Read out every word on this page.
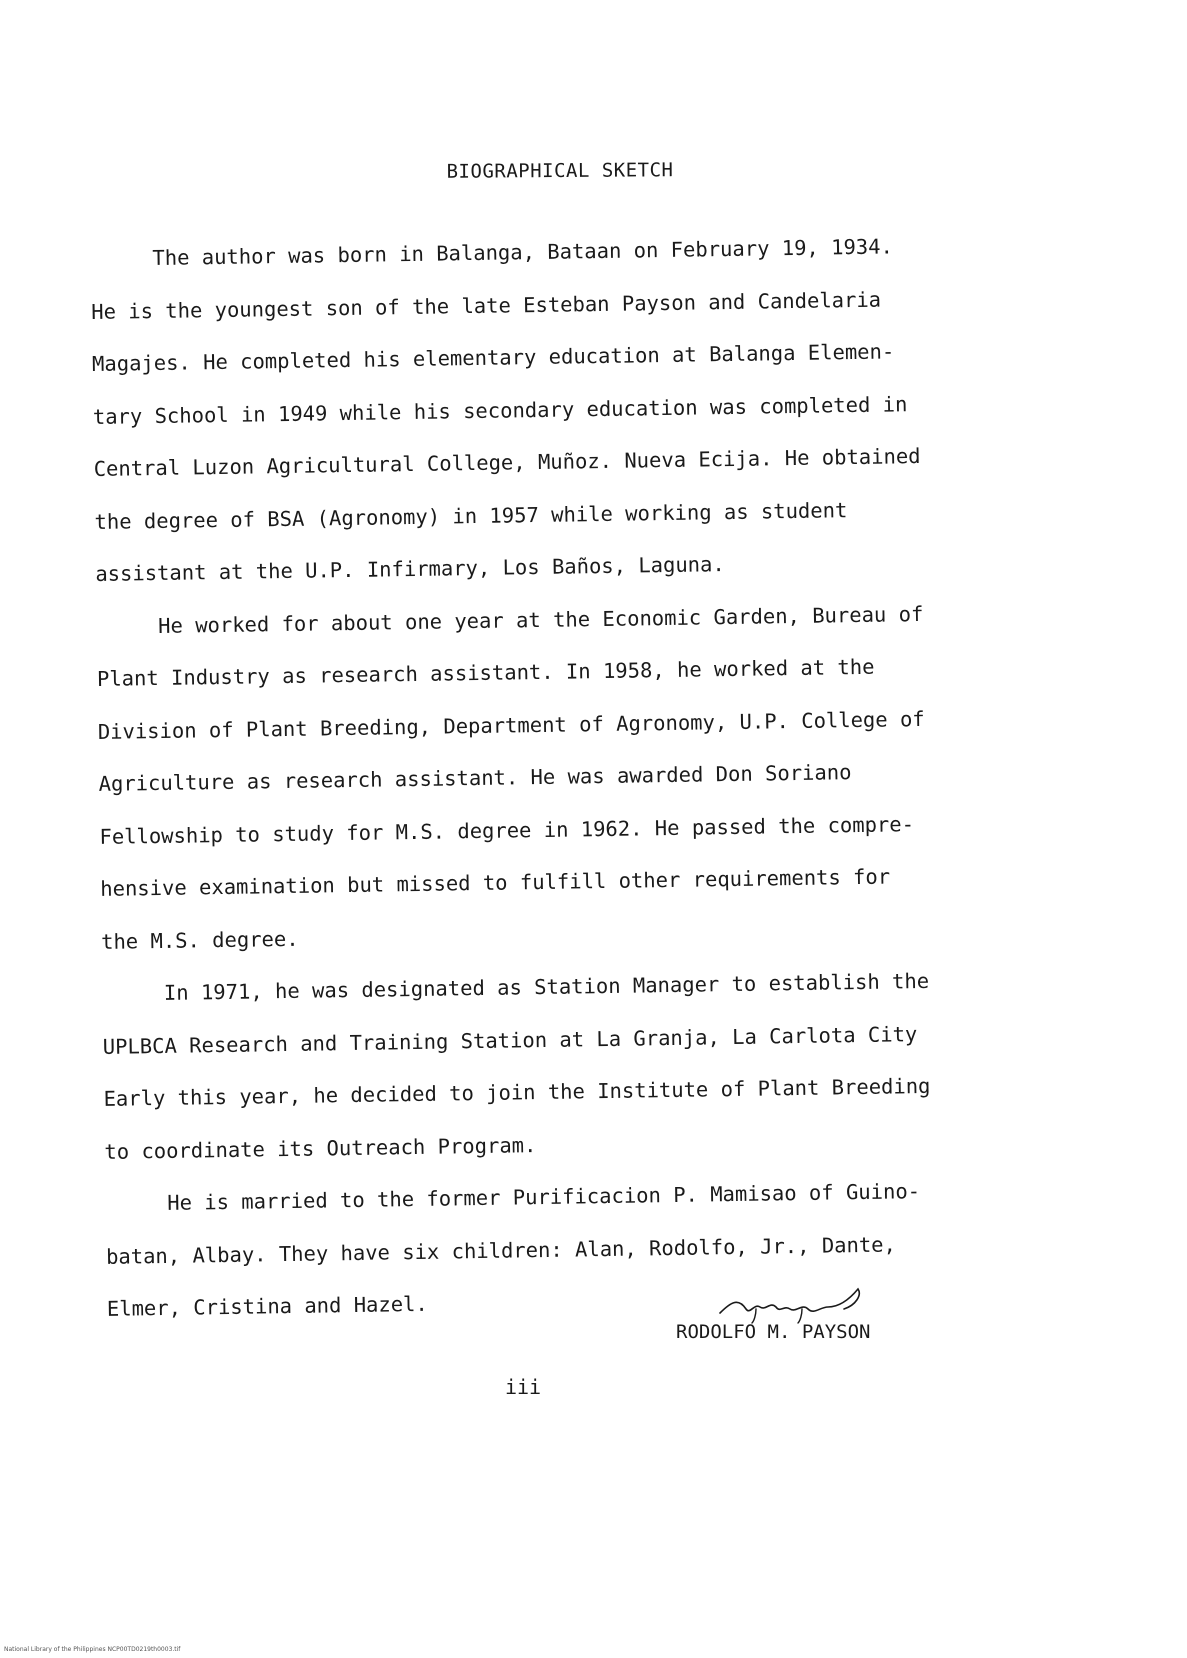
BIOGRAPHICAL SKETCH
The author was born in Balanga, Bataan on February 19, 1934.
He is the youngest son of the late Esteban Payson and Candelaria
Magajes. He completed his elementary education at Balanga Elemen-
tary School in 1949 while his secondary education was completed in
Central Luzon Agricultural College, Muñoz. Nueva Ecija. He obtained
the degree of BSA (Agronomy) in 1957 while working as student
assistant at the U.P. Infirmary, Los Baños, Laguna.
He worked for about one year at the Economic Garden, Bureau of
Plant Industry as research assistant. In 1958, he worked at the
Division of Plant Breeding, Department of Agronomy, U.P. College of
Agriculture as research assistant. He was awarded Don Soriano
Fellowship to study for M.S. degree in 1962. He passed the compre-
hensive examination but missed to fulfill other requirements for
the M.S. degree.
In 1971, he was designated as Station Manager to establish the
UPLBCA Research and Training Station at La Granja, La Carlota City
Early this year, he decided to join the Institute of Plant Breeding
to coordinate its Outreach Program.
He is married to the former Purificacion P. Mamisao of Guino-
batan, Albay. They have six children: Alan, Rodolfo, Jr., Dante,
Elmer, Cristina and Hazel.
RODOLFO M. PAYSON
iii
National Library of the Philippines NCP00TD0219th0003.tif
